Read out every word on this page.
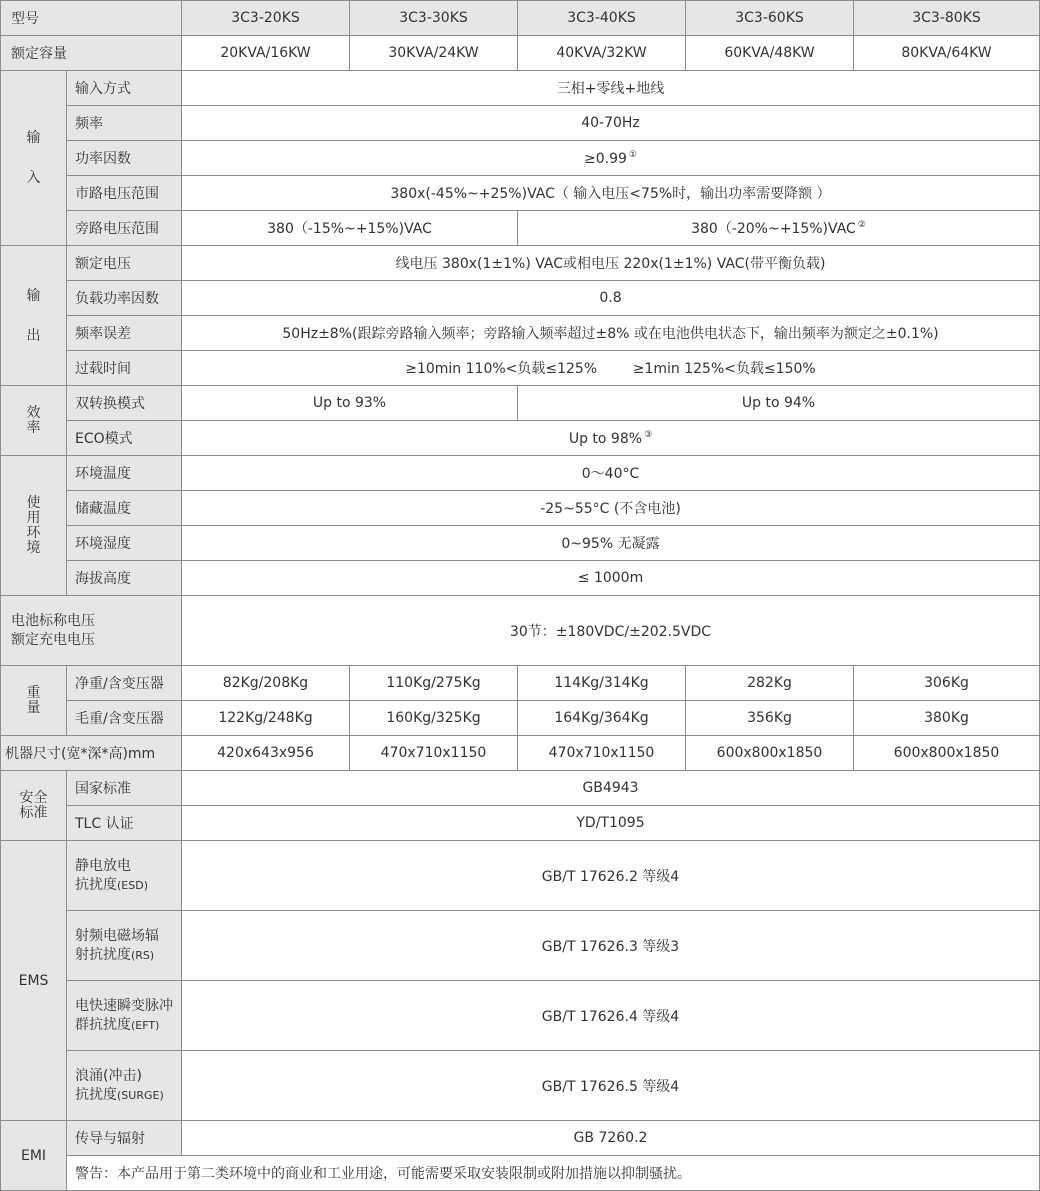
型号		3C3-20KS	3C3-30KS	3C3-40KS	3C3-60KS	3C3-80KS
额定容量		20KVA/16KW	30KVA/24KW	40KVA/32KW	60KVA/48KW	80KVA/64KW
输

入	输入方式	三相+零线+地线				
	频率	40-70Hz				
	功率因数	≥0.99 ①
	市路电压范围	380x(-45%~+25%)VAC（ 输入电压<75%时，输出功率需要降额 ）				
	旁路电压范围	380（-15%~+15%)VAC		380（-20%~+15%)VAC ②
输

出	额定电压	线电压 380x(1±1%) VAC或相电压 220x(1±1%) VAC(带平衡负载)				
	负载功率因数	0.8				
	频率误差	50Hz±8%(跟踪旁路输入频率；旁路输入频率超过±8% 或在电池供电状态下，输出频率为额定之±0.1%)				
	过载时间	≥10min 110%<负载≤125%        ≥1min 125%<负载≤150%				
效
率	双转换模式	Up to 93%		Up to 94%		
	ECO模式	Up to 98% ③
使
用
环
境	环境温度	0～40°C				
	储藏温度	-25~55°C (不含电池)				
	环境湿度	0~95% 无凝露				
	海拔高度	≤ 1000m				
电池标称电压
额定充电电压		30节：±180VDC/±202.5VDC				
重
量	净重/含变压器	82Kg/208Kg	110Kg/275Kg	114Kg/314Kg	282Kg	306Kg
	毛重/含变压器	122Kg/248Kg	160Kg/325Kg	164Kg/364Kg	356Kg	380Kg
机器尺寸(宽*深*高)mm		420x643x956	470x710x1150	470x710x1150	600x800x1850	600x800x1850
安全
标准	国家标准	GB4943				
	TLC 认证	YD/T1095				
EMS	静电放电
抗扰度(ESD)	GB/T 17626.2 等级4				
	射频电磁场辐
射抗扰度(RS)	GB/T 17626.3 等级3				
	电快速瞬变脉冲
群抗扰度(EFT)	GB/T 17626.4 等级4				
	浪涌(冲击)
抗扰度(SURGE)	GB/T 17626.5 等级4				
EMI	传导与辐射	GB 7260.2				
	警告：本产品用于第二类环境中的商业和工业用途，可能需要采取安装限制或附加措施以抑制骚扰。					
